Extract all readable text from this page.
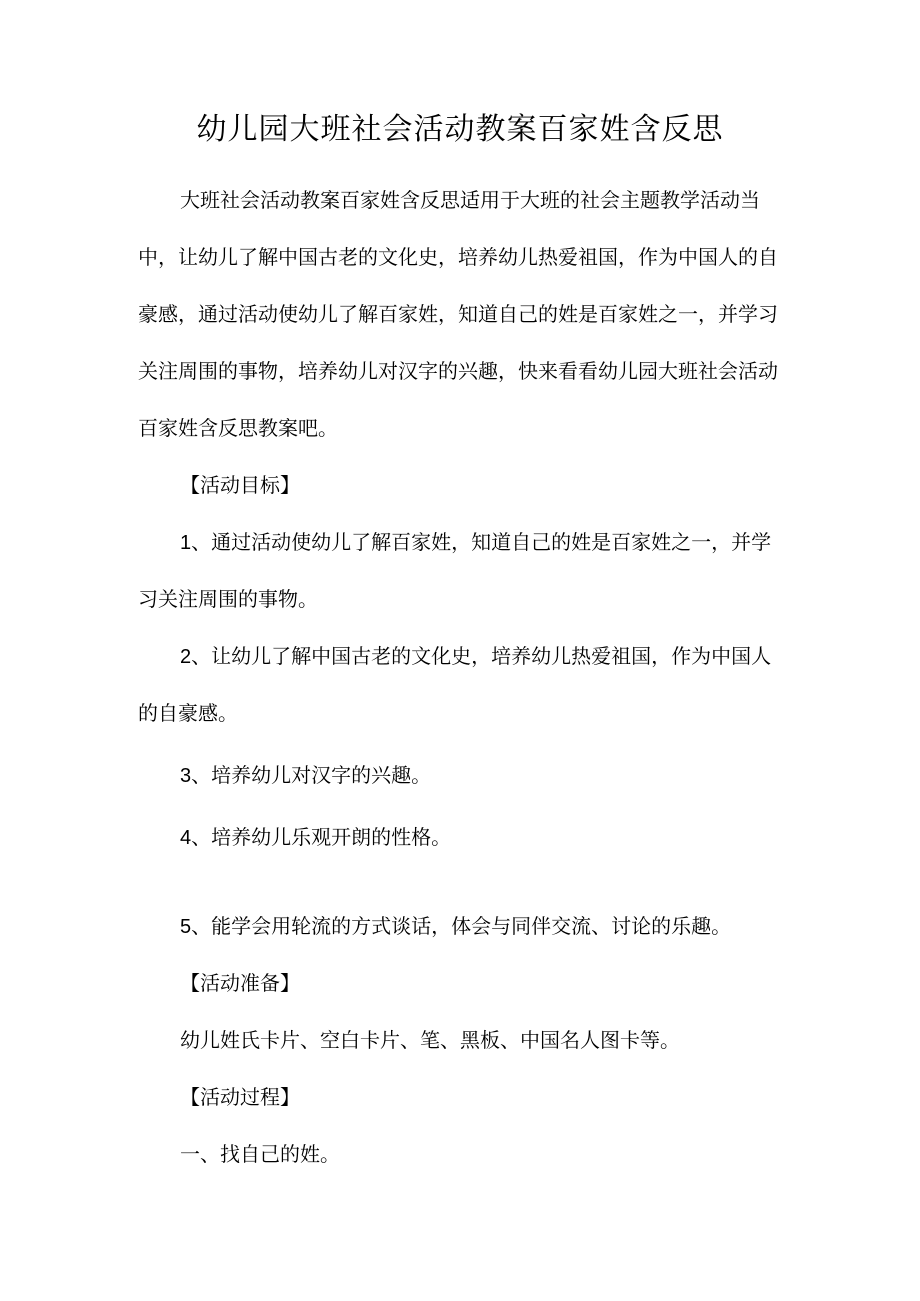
幼儿园大班社会活动教案百家姓含反思
大班社会活动教案百家姓含反思适用于大班的社会主题教学活动当
中，让幼儿了解中国古老的文化史，培养幼儿热爱祖国，作为中国人的自
豪感，通过活动使幼儿了解百家姓，知道自己的姓是百家姓之一，并学习
关注周围的事物，培养幼儿对汉字的兴趣，快来看看幼儿园大班社会活动
百家姓含反思教案吧。
【活动目标】
1、通过活动使幼儿了解百家姓，知道自己的姓是百家姓之一，并学
习关注周围的事物。
2、让幼儿了解中国古老的文化史，培养幼儿热爱祖国，作为中国人
的自豪感。
3、培养幼儿对汉字的兴趣。
4、培养幼儿乐观开朗的性格。
5、能学会用轮流的方式谈话，体会与同伴交流、讨论的乐趣。
【活动准备】
幼儿姓氏卡片、空白卡片、笔、黑板、中国名人图卡等。
【活动过程】
一、找自己的姓。
